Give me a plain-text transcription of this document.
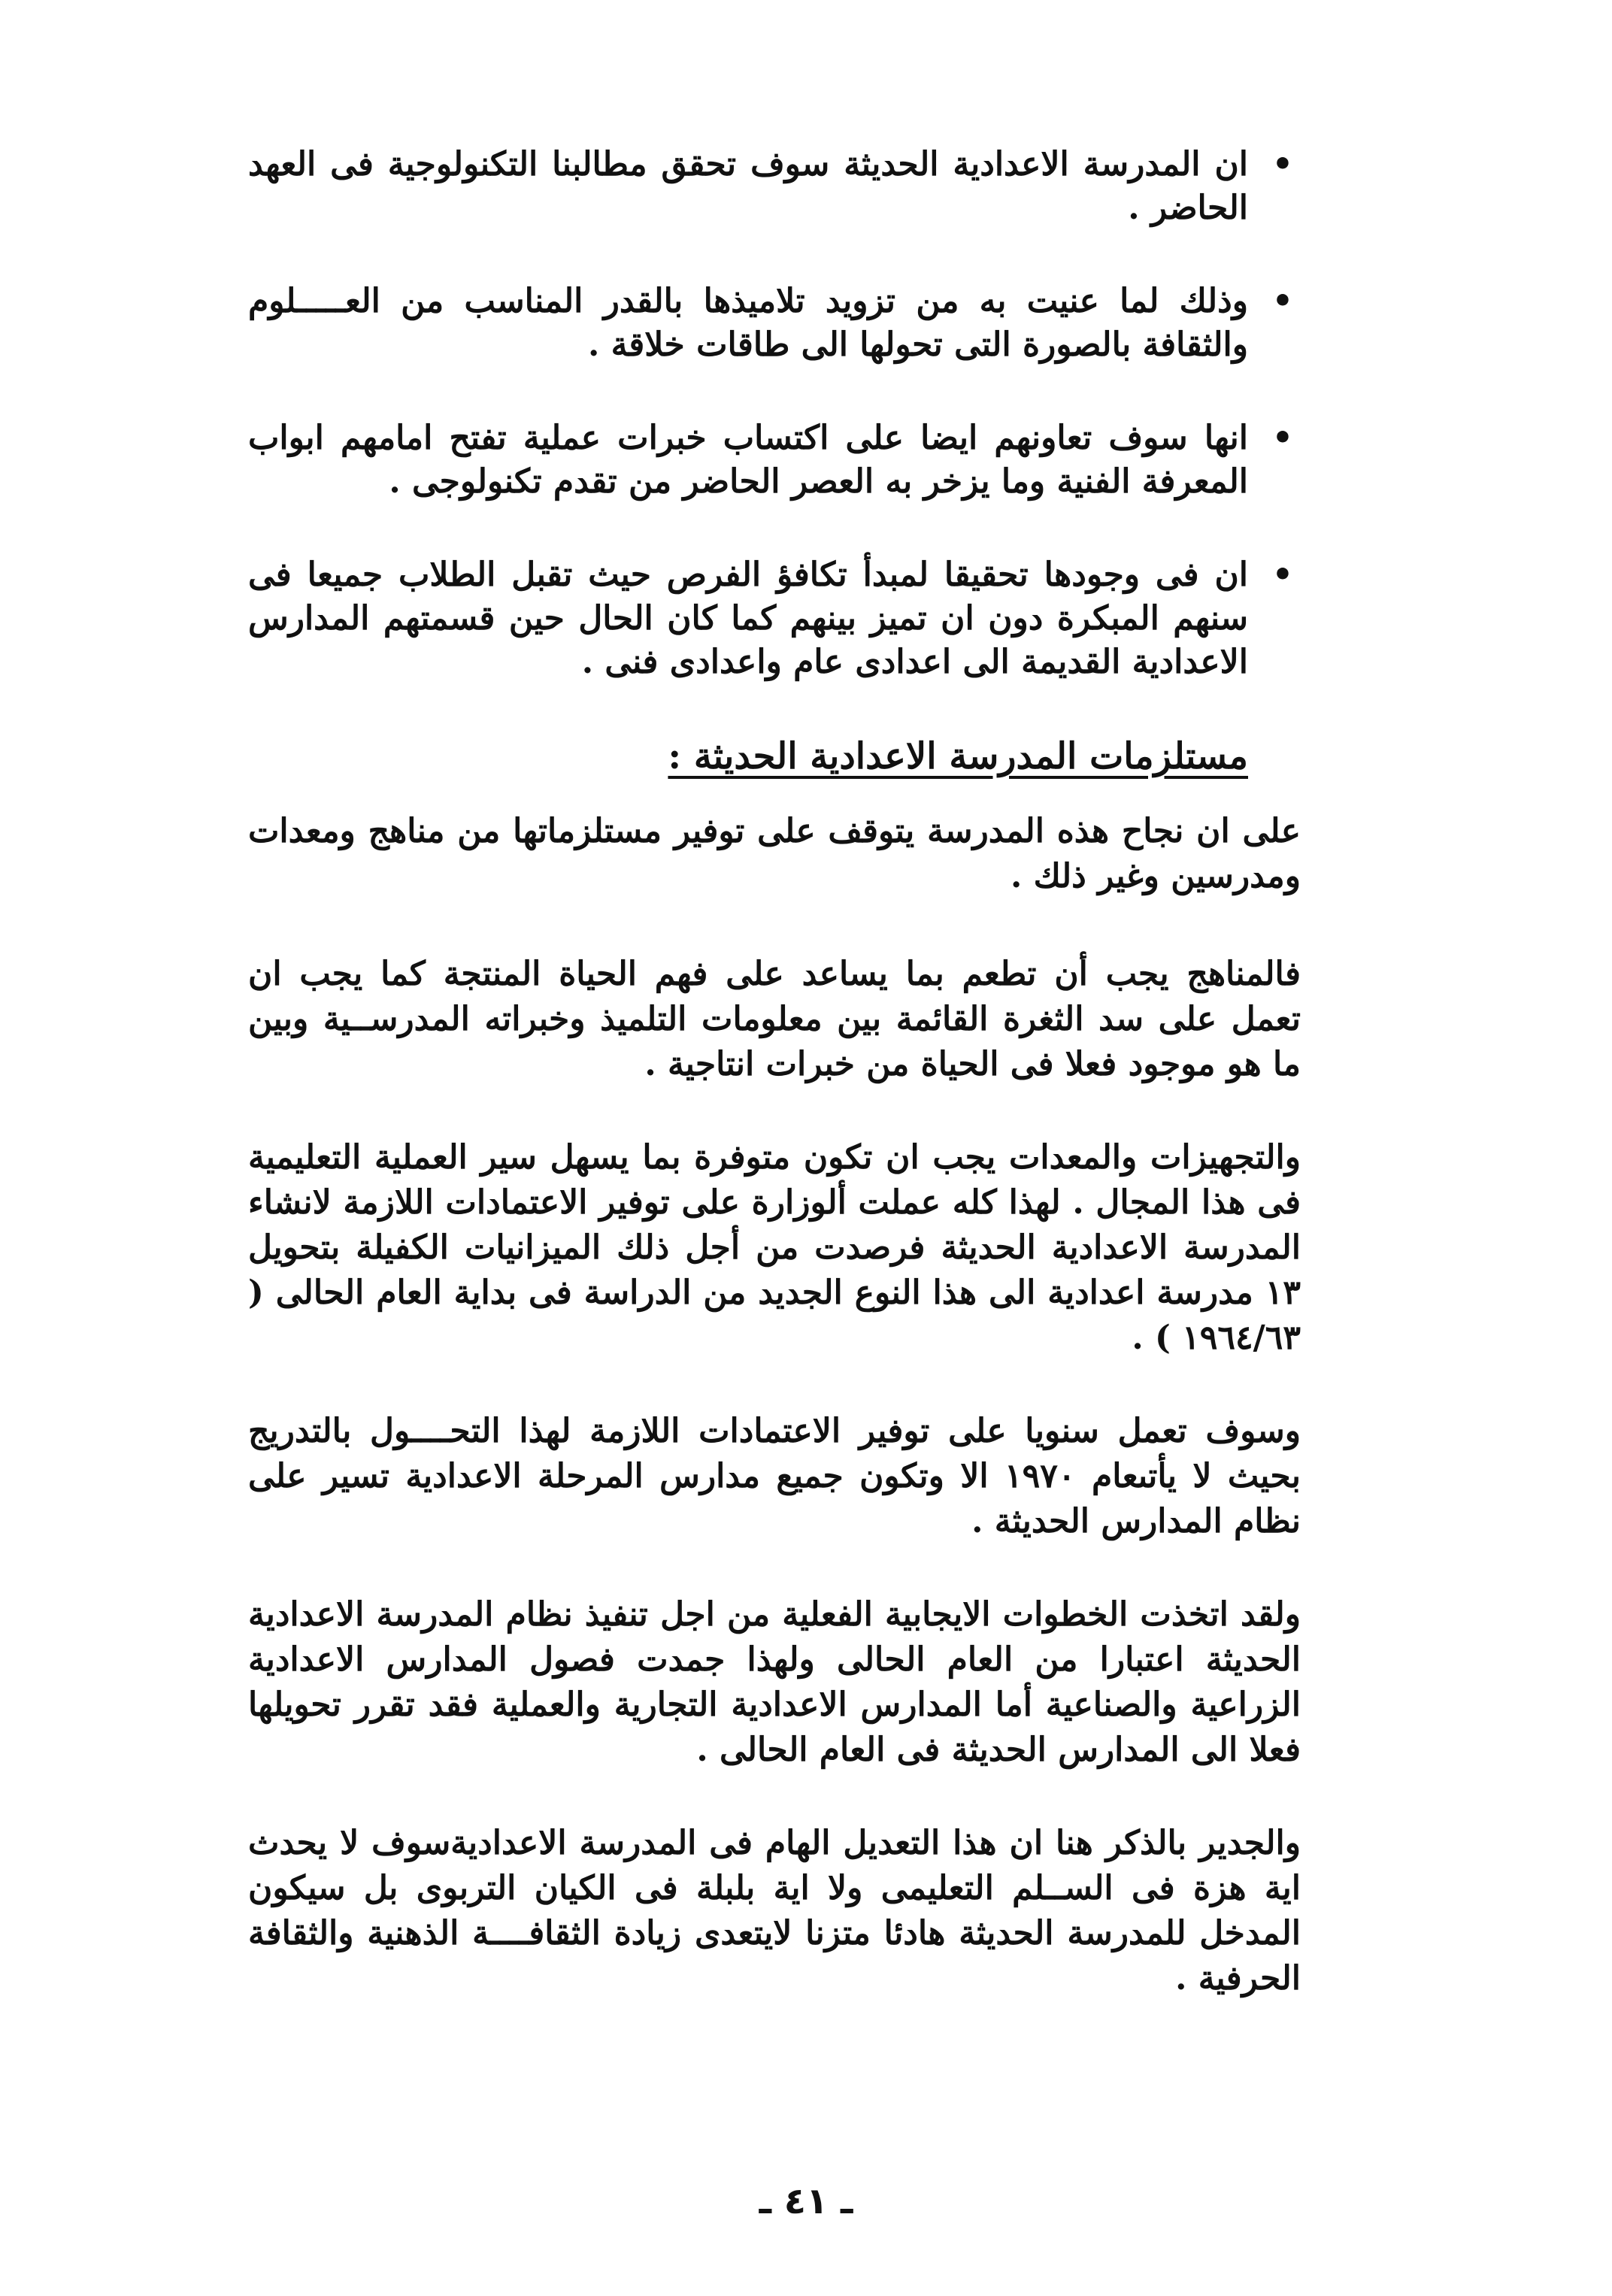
•
ان المدرسة الاعدادية الحديثة سوف تحقق مطالبنا التكنولوجية فى العهد الحاضر .
•
وذلك لما عنيت به من تزويد تلاميذها بالقدر المناسب من العـــــلوم والثقافة بالصورة التى تحولها الى طاقات خلاقة .
•
انها سوف تعاونهم ايضا على اكتساب خبرات عملية تفتح امامهم ابواب المعرفة الفنية وما يزخر به العصر الحاضر من تقدم تكنولوجى .
•
ان فى وجودها تحقيقا لمبدأ تكافؤ الفرص حيث تقبل الطلاب جميعا فى سنهم المبكرة دون ان تميز بينهم كما كان الحال حين قسمتهم المدارس الاعدادية القديمة الى اعدادى عام واعدادى فنى .
مستلزمات المدرسة الاعدادية الحديثة :

على ان نجاح هذه المدرسة يتوقف على توفير مستلزماتها من مناهج ومعدات ومدرسين وغير ذلك .

فالمناهج يجب أن تطعم بما يساعد على فهم الحياة المنتجة كما يجب ان تعمل على سد الثغرة القائمة بين معلومات التلميذ وخبراته المدرســية وبين ما هو موجود فعلا فى الحياة من خبرات انتاجية .

والتجهيزات والمعدات يجب ان تكون متوفرة بما يسهل سير العملية التعليمية فى هذا المجال . لهذا كله عملت ألوزارة على توفير الاعتمادات اللازمة لانشاء المدرسة الاعدادية الحديثة فرصدت من أجل ذلك الميزانيات الكفيلة بتحويل ١٣ مدرسة اعدادية الى هذا النوع الجديد من الدراسة فى بداية العام الحالى ( ١٩٦٤/٦٣ ) .

وسوف تعمل سنويا على توفير الاعتمادات اللازمة لهذا التحــــول بالتدريج بحيث لا يأتىعام ١٩٧٠ الا وتكون جميع مدارس المرحلة الاعدادية تسير على نظام المدارس الحديثة .

ولقد اتخذت الخطوات الايجابية الفعلية من اجل تنفيذ نظام المدرسة الاعدادية الحديثة اعتبارا من العام الحالى ولهذا جمدت فصول المدارس الاعدادية الزراعية والصناعية أما المدارس الاعدادية التجارية والعملية فقد تقرر تحويلها فعلا الى المدارس الحديثة فى العام الحالى .

والجدير بالذكر هنا ان هذا التعديل الهام فى المدرسة الاعداديةسوف لا يحدث اية هزة فى الســلم التعليمى ولا اية بلبلة فى الكيان التربوى بل سيكون المدخل للمدرسة الحديثة هادئا متزنا لايتعدى زيادة الثقافــــة الذهنية والثقافة الحرفية .

ـ ٤١ ـ
